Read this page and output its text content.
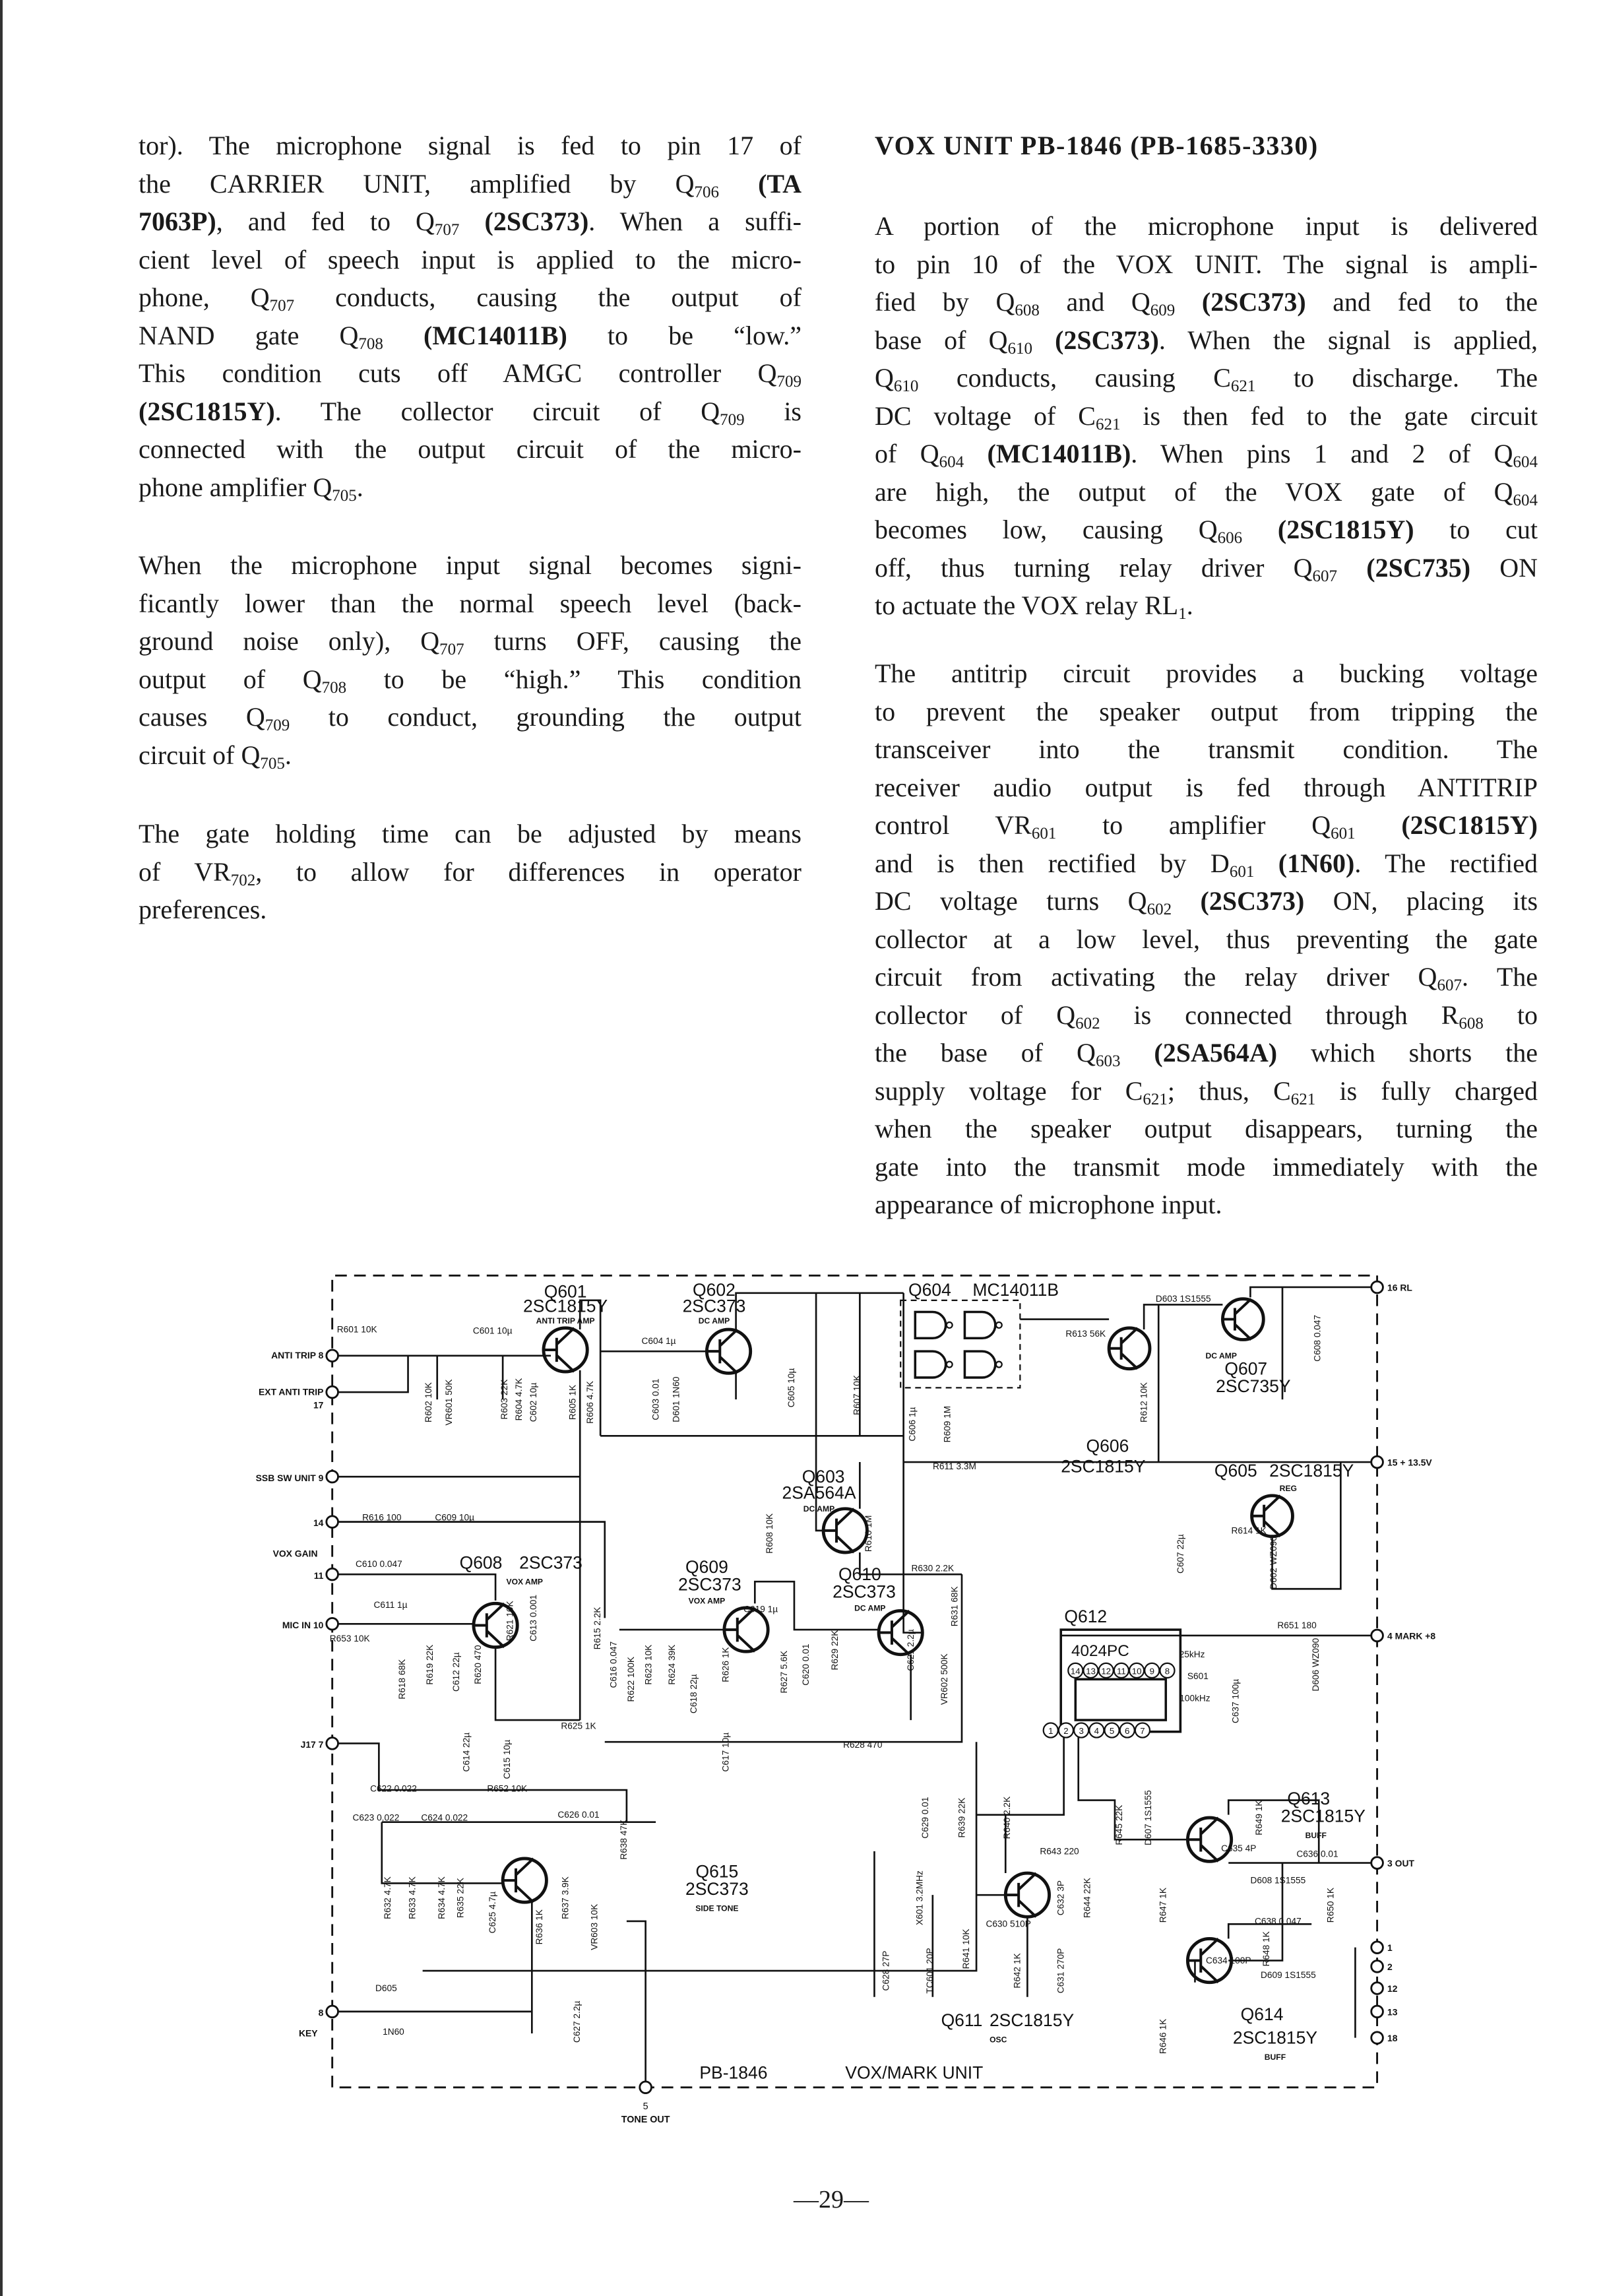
tor). The microphone signal is fed to pin 17 of
the CARRIER UNIT, amplified by $Q_{706}$ (TA
7063P), and fed to $Q_{707}$ (2SC373). When a suffi-
cient level of speech input is applied to the micro-
phone, $Q_{707}$ conducts, causing the output of
NAND gate $Q_{708}$ (MC14011B) to be “low.”
This condition cuts off AMGC controller $Q_{709}$
(2SC1815Y). The collector circuit of $Q_{709}$ is
connected with the output circuit of the micro-
phone amplifier $Q_{705}$.
When the microphone input signal becomes signi-
ficantly lower than the normal speech level (back-
ground noise only), $Q_{707}$ turns OFF, causing the
output of $Q_{708}$ to be “high.” This condition
causes $Q_{709}$ to conduct, grounding the output
circuit of $Q_{705}$.
The gate holding time can be adjusted by means
of $VR_{702}$, to allow for differences in operator
preferences.
VOX UNIT PB-1846 (PB-1685-3330)
A portion of the microphone input is delivered
to pin 10 of the VOX UNIT. The signal is ampli-
fied by $Q_{608}$ and $Q_{609}$ (2SC373) and fed to the
base of $Q_{610}$ (2SC373). When the signal is applied,
$Q_{610}$ conducts, causing $C_{621}$ to discharge. The
DC voltage of $C_{621}$ is then fed to the gate circuit
of $Q_{604}$ (MC14011B). When pins 1 and 2 of $Q_{604}$
are high, the output of the VOX gate of $Q_{604}$
becomes low, causing $Q_{606}$ (2SC1815Y) to cut
off, thus turning relay driver $Q_{607}$ (2SC735) ON
to actuate the VOX relay $RL_1$.
The antitrip circuit provides a bucking voltage
to prevent the speaker output from tripping the
transceiver into the transmit condition. The
receiver audio output is fed through ANTITRIP
control $VR_{601}$ to amplifier $Q_{601}$ (2SC1815Y)
and is then rectified by $D_{601}$ (1N60). The rectified
DC voltage turns $Q_{602}$ (2SC373) ON, placing its
collector at a low level, thus preventing the gate
circuit from activating the relay driver $Q_{607}$. The
collector of $Q_{602}$ is connected through $R_{608}$ to
the base of $Q_{603}$ (2SA564A) which shorts the
supply voltage for $C_{621}$; thus, $C_{621}$ is fully charged
when the speaker output disappears, turning the
gate into the transmit mode immediately with the
appearance of microphone input.
ANTI TRIP 8
EXT ANTI TRIP
17
SSB SW UNIT 9
14
VOX GAIN
11
MIC IN 10
J17 7
8
KEY
16 RL
15 + 13.5V
4 MARK +8
3 OUT
1
2
12
13
18
Q601
2SC1815Y
ANTI TRIP AMP
Q602
2SC373
DC AMP
Q603
2SA564A
DC AMP
Q605 2SC1815Y
REG
Q606
2SC1815Y
Q607
2SC735Y
DC AMP
Q608 2SC373
VOX AMP
Q609
2SC373
VOX AMP
Q610
2SC373
DC AMP
Q611 2SC1815Y
OSC
Q613
2SC1815Y
BUFF
Q614
2SC1815Y
BUFF
Q615
2SC373
SIDE TONE
Q604	MC14011B
Q612
4024PC
14 13 12 11 10 9	8
1	2	3	4	5	6	7
R601 10K	C601 10µ
C604 1µ
R602 10K	VR601 50K	R603 22K R604 4.7K C602 10µ	R605 1K R606 4.7K	C603 0.01	D601 1N60	C605 10µ	R607 10K
C606 1µ	R609 1M
R611 3.3M
R613 56K
D603 1S1555
C608 0.047
R612 10K
R614 1K
C607 22µ	D602 WZ090
R608 10K	R610 1M
R616 100	C609 10µ
C610 0.047
C611 1µ
R653 10K
R618 68K	R619 22K	C612 22µ	R620 470
R621 10K	C613 0.001	R615 2.2K
C616 0.047 R622 100K R623 10K	R624 39K
C618 22µ
R626 1K
C619 1µ
R627 5.6K	C620 0.01	R629 22K
R630 2.2K
C621 2.2µ
R631 68K
VR602 500K
R625 1K
C614 22µ	C615 10µ	C617 10µ	R628 470
C622 0.022	R652 10K
C623 0.022	C624 0.022	C626 0.01
R638 47K
R632 4.7K	R633 4.7K	R634 4.7K R635 22K	C625 4.7µ	R636 1K
R637 3.9K
VR603 10K
D605
1N60	C627 2.2µ
C629 0.01	R639 22K	R640 2.2K
R643 220
X601 3.2MHz
C628 27P	TC601 20P	R641 10K
C630 510P
R642 1K	C631 270P
C632 3P	R644 22K
R645 22K	D607 1S1555
R647 1K
C635 4P
R649 1K
D608 1S1555
C636 0.01
R650 1K
C638 0.047
R648 1K
C634 100P
D609 1S1555
R646 1K
R651 180
D606 WZ090
C637 100µ
S601
25kHz
100kHz
PB-1846	VOX/MARK UNIT
5
TONE OUT
—29—
